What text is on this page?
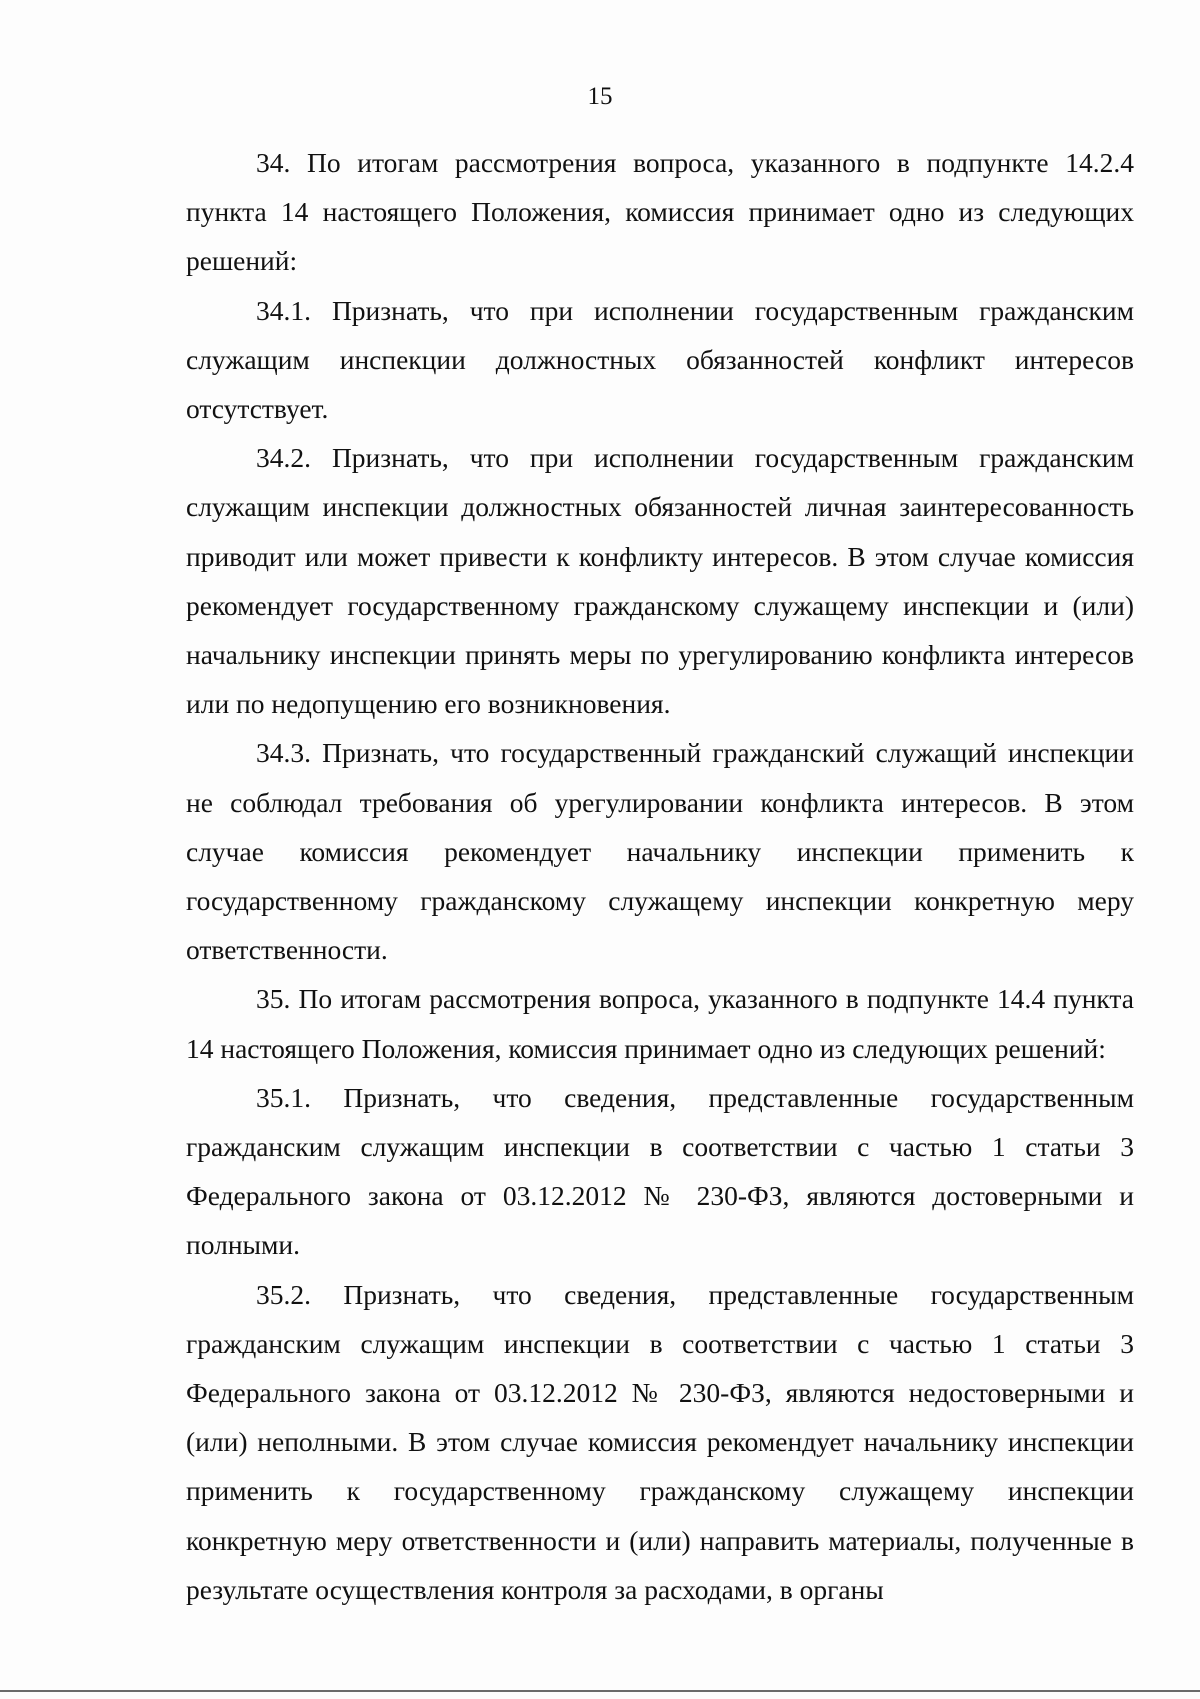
15

34. По итогам рассмотрения вопроса, указанного в подпункте 14.2.4 пункта 14 настоящего Положения, комиссия принимает одно из следующих решений:

34.1. Признать, что при исполнении государственным гражданским служащим инспекции должностных обязанностей конфликт интересов отсутствует.

34.2. Признать, что при исполнении государственным гражданским служащим инспекции должностных обязанностей личная заинтересованность приводит или может привести к конфликту интересов. В этом случае комиссия рекомендует государственному гражданскому служащему инспекции и (или) начальнику инспекции принять меры по урегулированию конфликта интересов или по недопущению его возникновения.

34.3. Признать, что государственный гражданский служащий инспекции не соблюдал требования об урегулировании конфликта интересов. В этом случае комиссия рекомендует начальнику инспекции применить к государственному гражданскому служащему инспекции конкретную меру ответственности.

35. По итогам рассмотрения вопроса, указанного в подпункте 14.4 пункта 14 настоящего Положения, комиссия принимает одно из следующих решений:

35.1. Признать, что сведения, представленные государственным гражданским служащим инспекции в соответствии с частью 1 статьи 3 Федерального закона от 03.12.2012 № 230-ФЗ, являются достоверными и полными.

35.2. Признать, что сведения, представленные государственным гражданским служащим инспекции в соответствии с частью 1 статьи 3 Федерального закона от 03.12.2012 № 230-ФЗ, являются недостоверными и (или) неполными. В этом случае комиссия рекомендует начальнику инспекции применить к государственному гражданскому служащему инспекции конкретную меру ответственности и (или) направить материалы, полученные в результате осуществления контроля за расходами, в органы
